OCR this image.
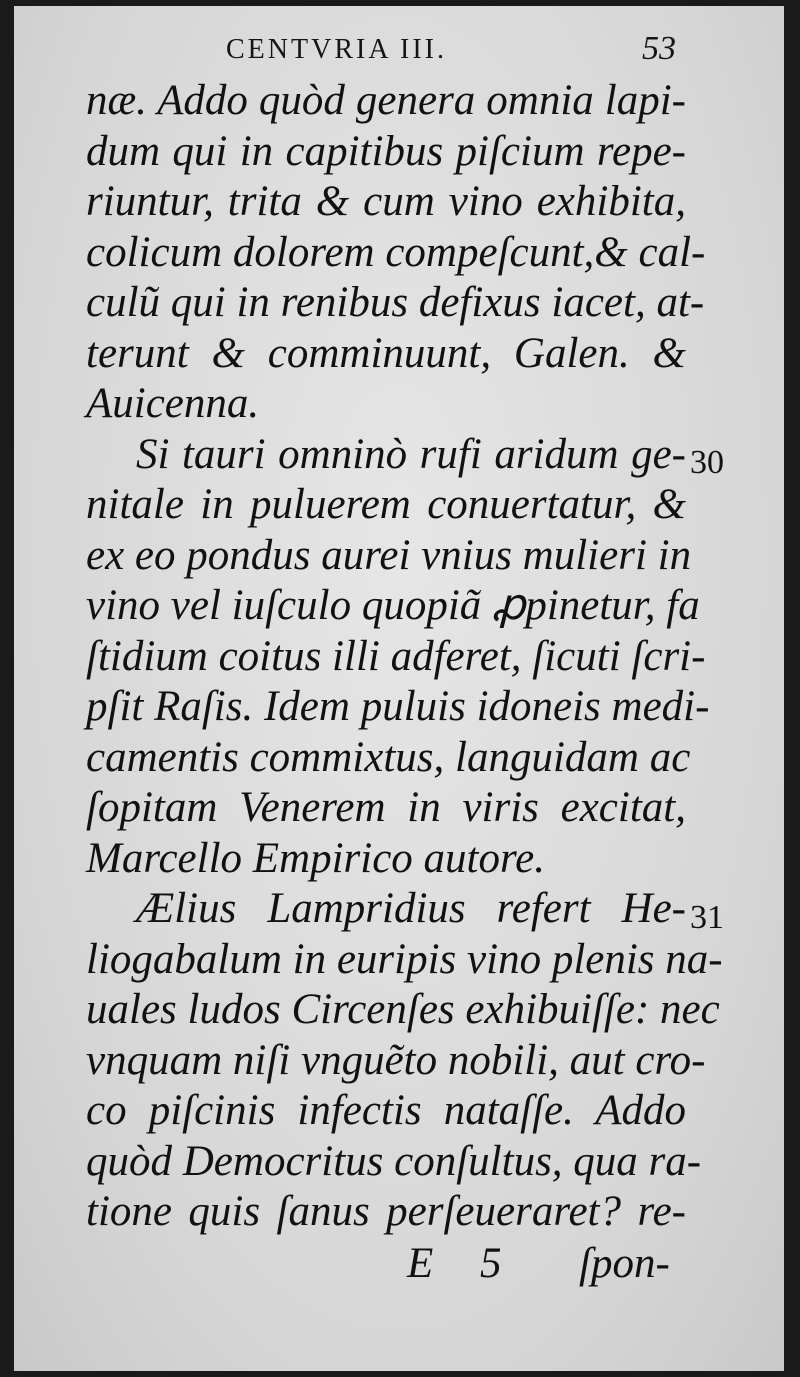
CENTVRIA III.	53
næ. Addo quòd genera omnia lapi-
dum qui in capitibus piſcium repe-
riuntur, trita & cum vino exhibita,
colicum dolorem compeſcunt,& cal-
culũ qui in renibus defixus iacet, at-
terunt & comminuunt, Galen. &
Auicenna.
Si tauri omninò rufi aridum ge-
nitale in puluerem conuertatur, &
ex eo pondus aurei vnius mulieri in
vino vel iuſculo quopiã ꝓpinetur, fa
ſtidium coitus illi adferet, ſicuti ſcri-
pſit Raſis. Idem puluis idoneis medi-
camentis commixtus, languidam ac
ſopitam Venerem in viris excitat,
Marcello Empirico autore.
Ælius Lampridius refert He-
liogabalum in euripis vino plenis na-
uales ludos Circenſes exhibuiſſe: nec
vnquam niſi vnguẽto nobili, aut cro-
co piſcinis infectis nataſſe. Addo
quòd Democritus conſultus, qua ra-
tione quis ſanus perſeueraret? re-
30
31
E 5 ſpon-
